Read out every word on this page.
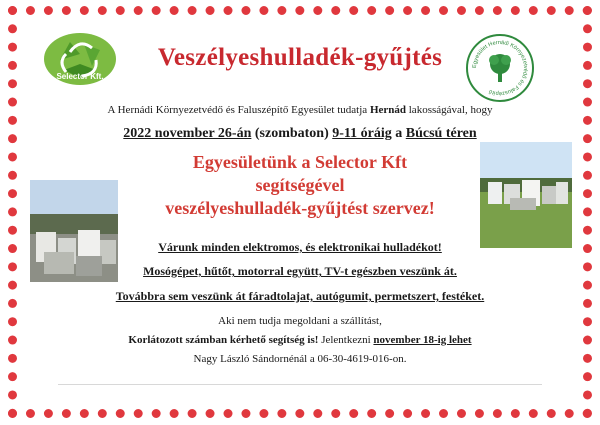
Selector Kft.
Veszélyeshulladék-gyűjtés	Egyesület Hernádi Környezetvédő és Faluszépítő
A Hernádi Környezetvédő és Faluszépítő Egyesület tudatja Hernád lakosságával, hogy
2022 november 26-án (szombaton) 9-11 óráig a Búcsú téren
Egyesületünk a Selector Kft segítségével
veszélyeshulladék-gyűjtést szervez!
Várunk minden elektromos, és elektronikai hulladékot!
Mosógépet, hűtőt, motorral együtt, TV-t egészben veszünk át.
Továbbra sem veszünk át fáradtolajat, autógumit, permetszert, festéket.
Aki nem tudja megoldani a szállítást,
Korlátozott számban kérhető segítség is! Jelentkezni november 18-ig lehet
Nagy László Sándornénál a 06-30-4619-016-on.
